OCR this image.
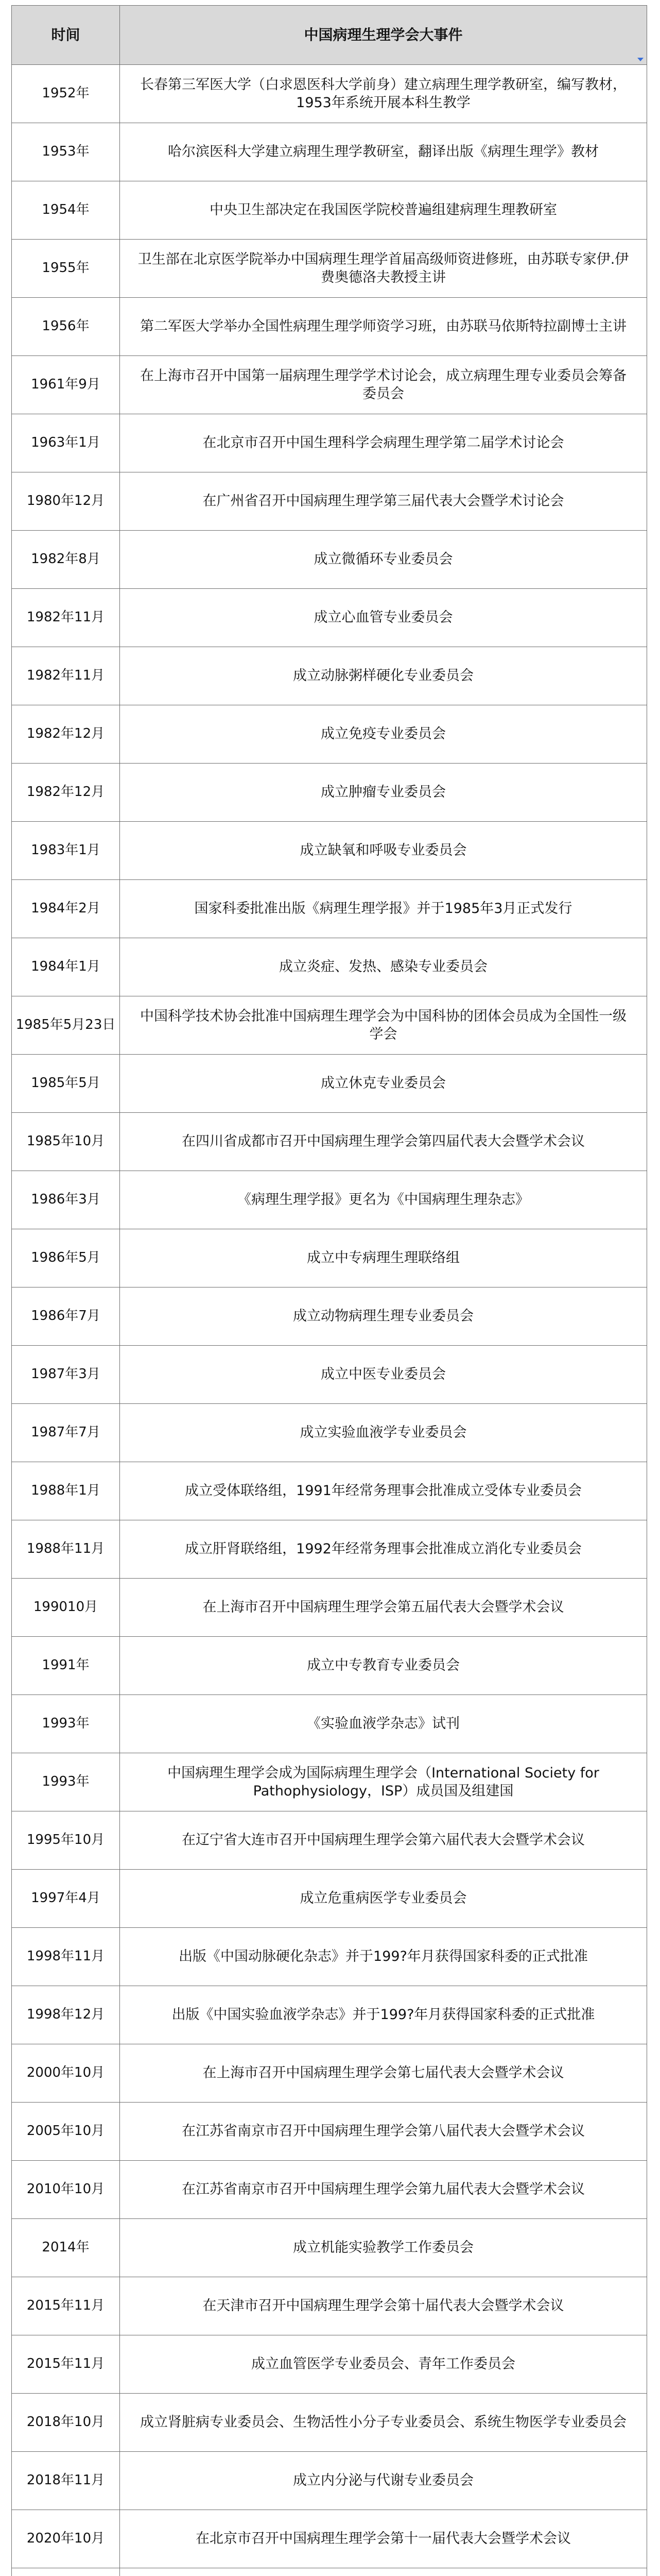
时间	中国病理生理学会大事件

1952年	长春第三军医大学（白求恩医科大学前身）建立病理生理学教研室，编写教材，1953年系统开展本科生教学
1953年	哈尔滨医科大学建立病理生理学教研室，翻译出版《病理生理学》教材
1954年	中央卫生部决定在我国医学院校普遍组建病理生理教研室
1955年	卫生部在北京医学院举办中国病理生理学首届高级师资进修班，由苏联专家伊.伊费奥德洛夫教授主讲
1956年	第二军医大学举办全国性病理生理学师资学习班，由苏联马依斯特拉副博士主讲
1961年9月	在上海市召开中国第一届病理生理学学术讨论会，成立病理生理专业委员会筹备委员会
1963年1月	在北京市召开中国生理科学会病理生理学第二届学术讨论会
1980年12月	在广州省召开中国病理生理学第三届代表大会暨学术讨论会
1982年8月	成立微循环专业委员会
1982年11月	成立心血管专业委员会
1982年11月	成立动脉粥样硬化专业委员会
1982年12月	成立免疫专业委员会
1982年12月	成立肿瘤专业委员会
1983年1月	成立缺氧和呼吸专业委员会
1984年2月	国家科委批准出版《病理生理学报》并于1985年3月正式发行
1984年1月	成立炎症、发热、感染专业委员会
1985年5月23日	中国科学技术协会批准中国病理生理学会为中国科协的团体会员成为全国性一级学会
1985年5月	成立休克专业委员会
1985年10月	在四川省成都市召开中国病理生理学会第四届代表大会暨学术会议
1986年3月	《病理生理学报》更名为《中国病理生理杂志》
1986年5月	成立中专病理生理联络组
1986年7月	成立动物病理生理专业委员会
1987年3月	成立中医专业委员会
1987年7月	成立实验血液学专业委员会
1988年1月	成立受体联络组，1991年经常务理事会批准成立受体专业委员会
1988年11月	成立肝肾联络组，1992年经常务理事会批准成立消化专业委员会
199010月	在上海市召开中国病理生理学会第五届代表大会暨学术会议
1991年	成立中专教育专业委员会
1993年	《实验血液学杂志》试刊
1993年	中国病理生理学会成为国际病理生理学会（International Society for Pathophysiology，ISP）成员国及组建国
1995年10月	在辽宁省大连市召开中国病理生理学会第六届代表大会暨学术会议
1997年4月	成立危重病医学专业委员会
1998年11月	出版《中国动脉硬化杂志》并于199?年月获得国家科委的正式批准
1998年12月	出版《中国实验血液学杂志》并于199?年月获得国家科委的正式批准
2000年10月	在上海市召开中国病理生理学会第七届代表大会暨学术会议
2005年10月	在江苏省南京市召开中国病理生理学会第八届代表大会暨学术会议
2010年10月	在江苏省南京市召开中国病理生理学会第九届代表大会暨学术会议
2014年	成立机能实验教学工作委员会
2015年11月	在天津市召开中国病理生理学会第十届代表大会暨学术会议
2015年11月	成立血管医学专业委员会、青年工作委员会
2018年10月	成立肾脏病专业委员会、生物活性小分子专业委员会、系统生物医学专业委员会
2018年11月	成立内分泌与代谢专业委员会
2020年10月	在北京市召开中国病理生理学会第十一届代表大会暨学术会议
